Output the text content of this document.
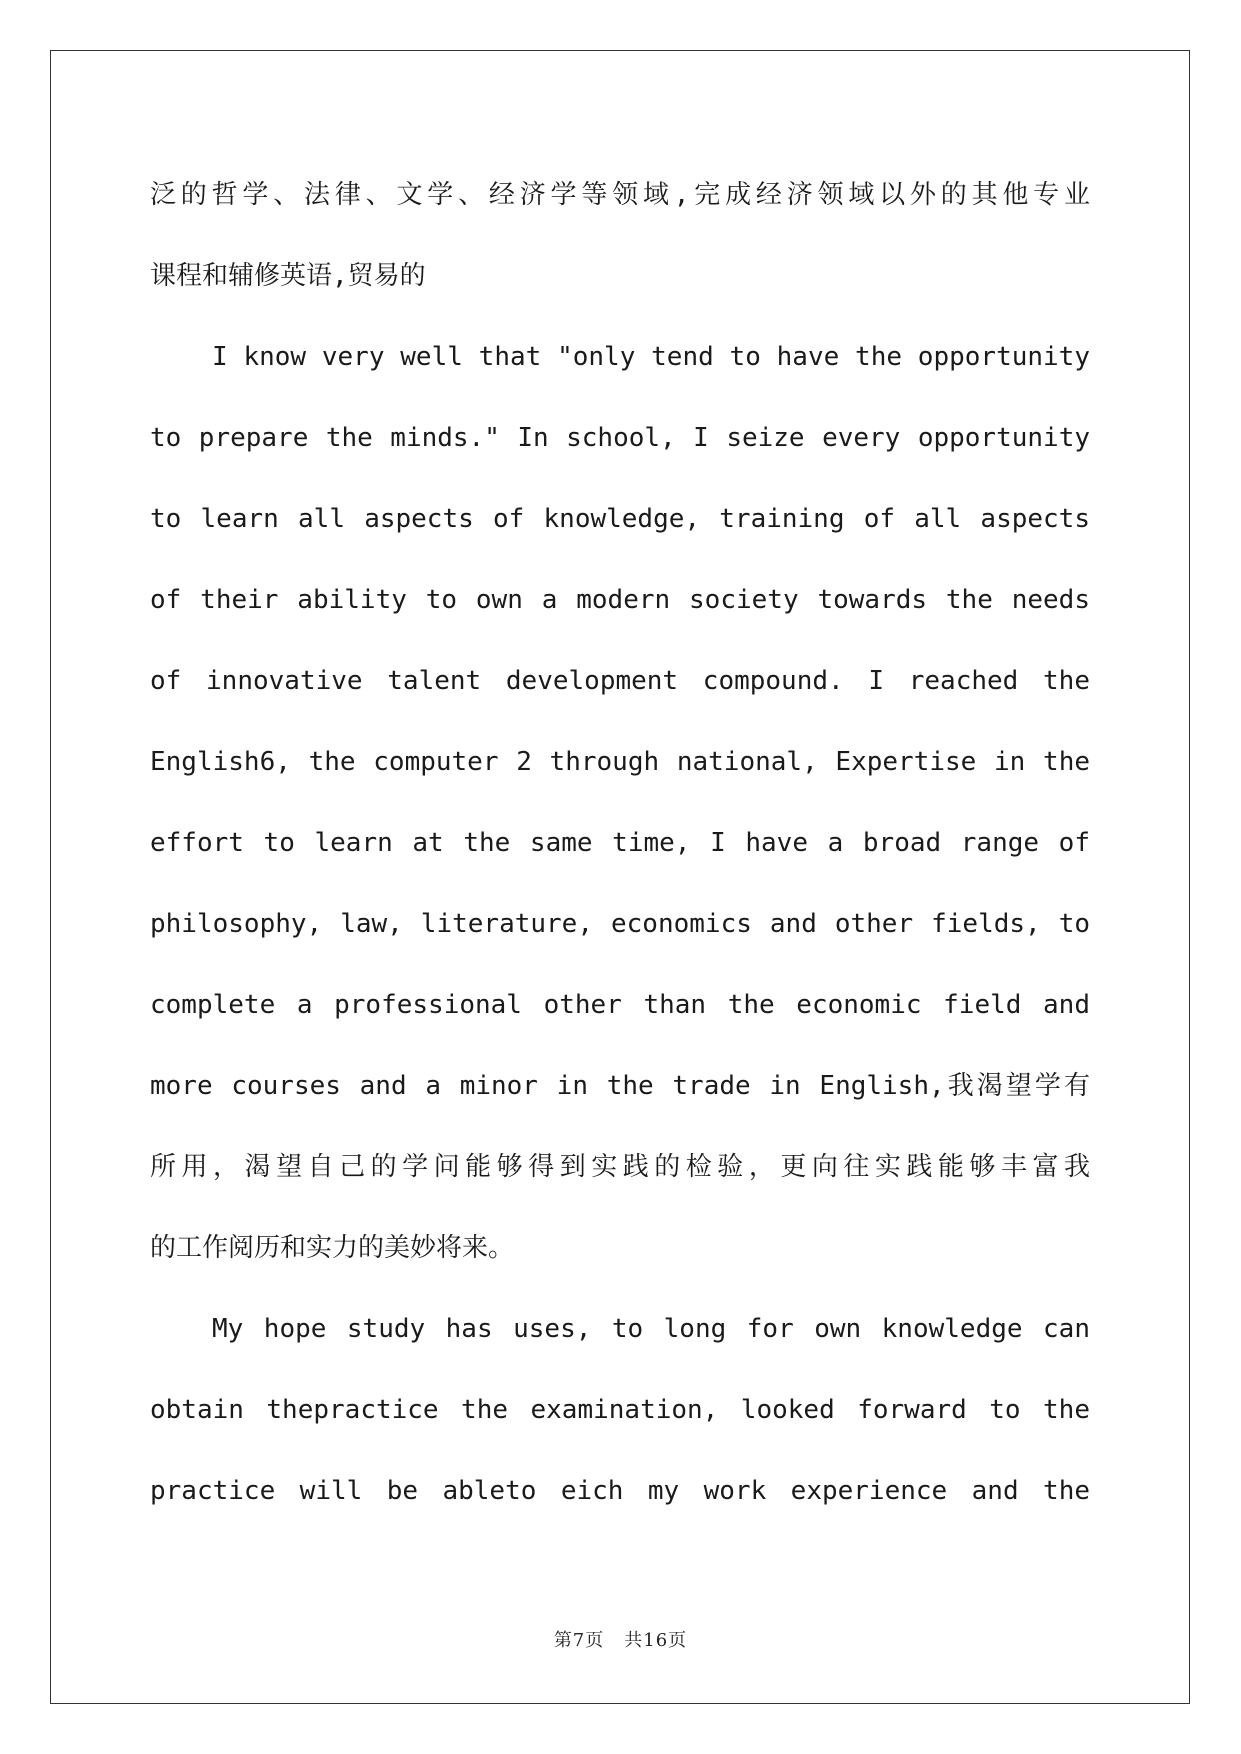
泛的哲学、法律、文学、经济学等领域,完成经济领域以外的其他专业
课程和辅修英语,贸易的
I know very well that "only tend to have the opportunity
to prepare the minds." In school, I seize every opportunity
to learn all aspects of knowledge, training of all aspects
of their ability to own a modern society towards the needs
of innovative talent development compound. I reached the
English6, the computer 2 through national, Expertise in the
effort to learn at the same time, I have a broad range of
philosophy, law, literature, economics and other fields, to
complete a professional other than the economic field and
more courses and a minor in the trade in English,我渴望学有
所用，渴望自己的学问能够得到实践的检验，更向往实践能够丰富我
的工作阅历和实力的美妙将来。
My hope study has uses, to long for own knowledge can
obtain thepractice the examination, looked forward to the
practice will be ableto eich my work experience and the
第7页 共16页
